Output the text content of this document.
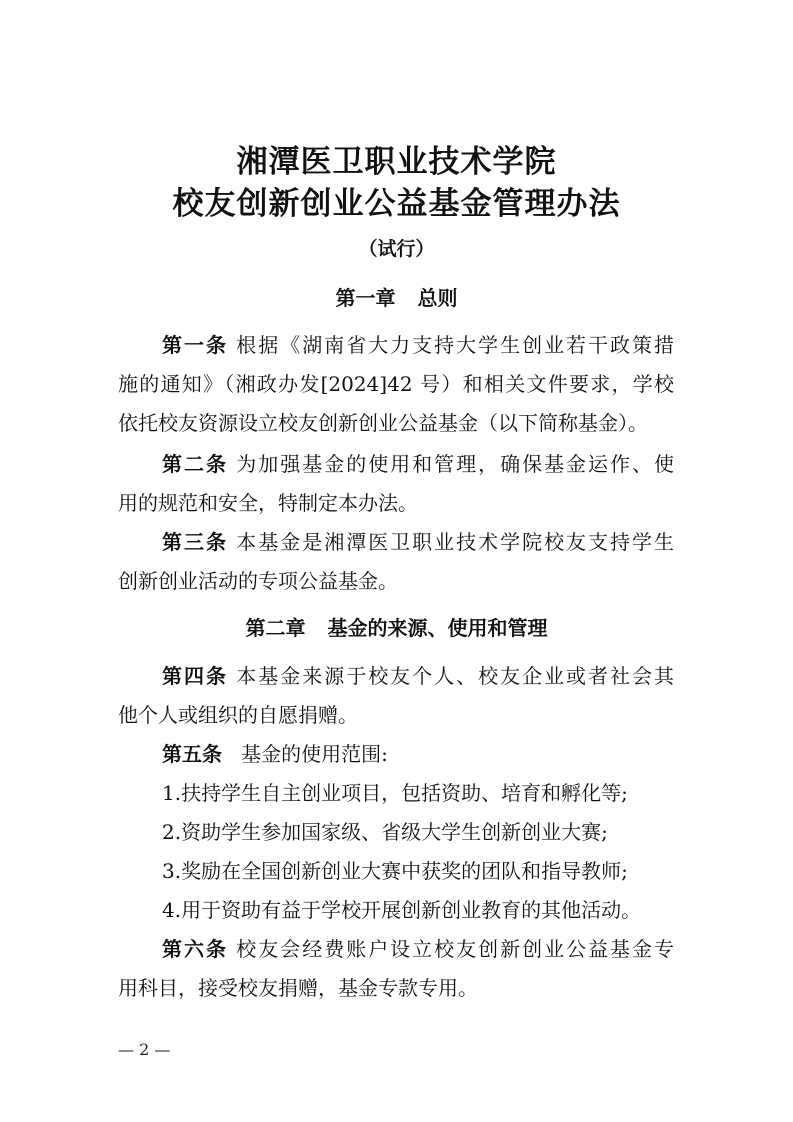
湘潭医卫职业技术学院
校友创新创业公益基金管理办法
（试行）
第一章 总则
第一条 根据《湖南省大力支持大学生创业若干政策措
施的通知》（湘政办发[2024]42 号）和相关文件要求，学校
依托校友资源设立校友创新创业公益基金（以下简称基金）。
第二条 为加强基金的使用和管理，确保基金运作、使
用的规范和安全，特制定本办法。
第三条 本基金是湘潭医卫职业技术学院校友支持学生
创新创业活动的专项公益基金。
第二章 基金的来源、使用和管理
第四条 本基金来源于校友个人、校友企业或者社会其
他个人或组织的自愿捐赠。
第五条 基金的使用范围:
1.扶持学生自主创业项目，包括资助、培育和孵化等;
2.资助学生参加国家级、省级大学生创新创业大赛;
3.奖励在全国创新创业大赛中获奖的团队和指导教师;
4.用于资助有益于学校开展创新创业教育的其他活动。
第六条 校友会经费账户设立校友创新创业公益基金专
用科目，接受校友捐赠，基金专款专用。
— 2 —
